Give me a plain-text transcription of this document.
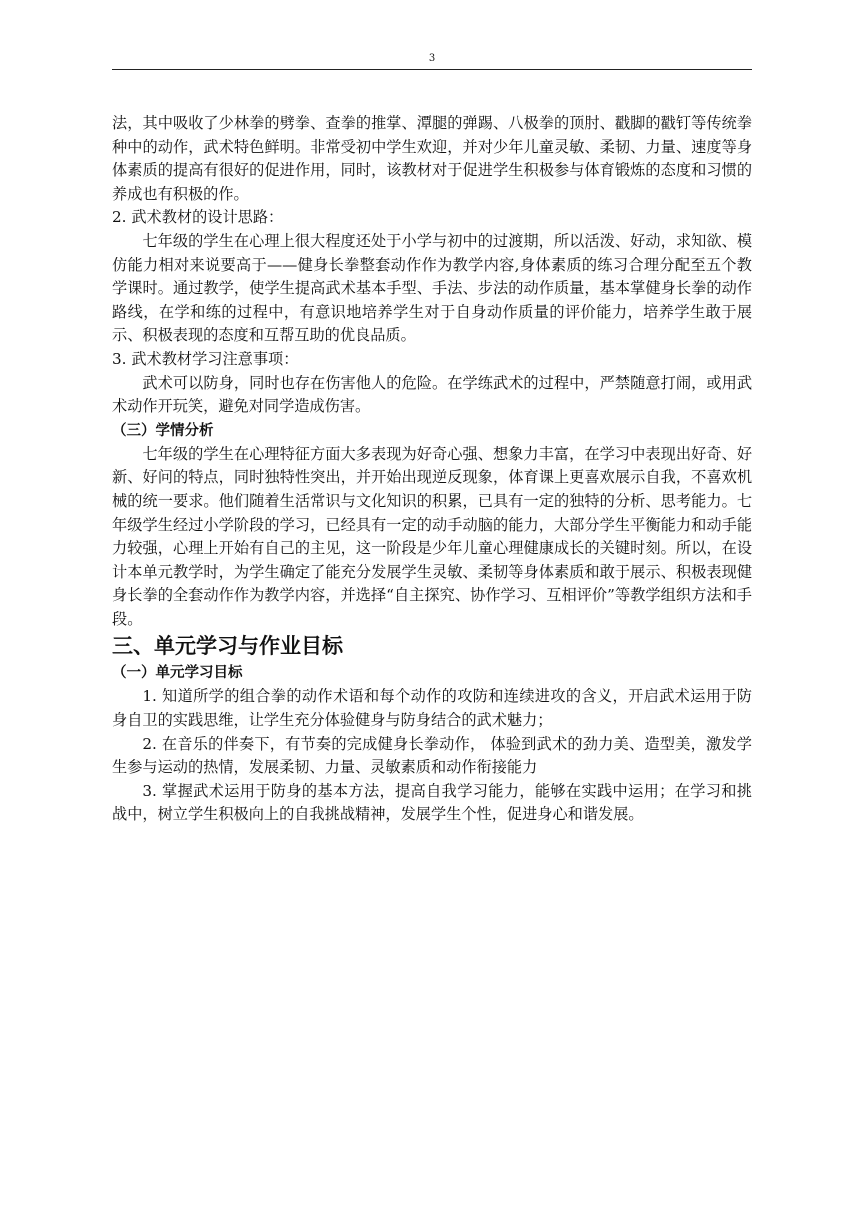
3

法，其中吸收了少林拳的劈拳、查拳的推掌、潭腿的弹踢、八极拳的顶肘、戳脚的戳钉等传统拳种中的动作，武术特色鲜明。非常受初中学生欢迎，并对少年儿童灵敏、柔韧、力量、速度等身体素质的提高有很好的促进作用，同时，该教材对于促进学生积极参与体育锻炼的态度和习惯的养成也有积极的作。

2. 武术教材的设计思路：

七年级的学生在心理上很大程度还处于小学与初中的过渡期，所以活泼、好动，求知欲、模仿能力相对来说要高于——健身长拳整套动作作为教学内容,身体素质的练习合理分配至五个教学课时。通过教学，使学生提高武术基本手型、手法、步法的动作质量，基本掌健身长拳的动作路线，在学和练的过程中，有意识地培养学生对于自身动作质量的评价能力，培养学生敢于展示、积极表现的态度和互帮互助的优良品质。

3. 武术教材学习注意事项：

武术可以防身，同时也存在伤害他人的危险。在学练武术的过程中，严禁随意打闹，或用武术动作开玩笑，避免对同学造成伤害。

（三）学情分析

七年级的学生在心理特征方面大多表现为好奇心强、想象力丰富，在学习中表现出好奇、好新、好问的特点，同时独特性突出，并开始出现逆反现象，体育课上更喜欢展示自我，不喜欢机械的统一要求。他们随着生活常识与文化知识的积累，已具有一定的独特的分析、思考能力。七年级学生经过小学阶段的学习，已经具有一定的动手动脑的能力，大部分学生平衡能力和动手能力较强，心理上开始有自己的主见，这一阶段是少年儿童心理健康成长的关键时刻。所以，在设计本单元教学时，为学生确定了能充分发展学生灵敏、柔韧等身体素质和敢于展示、积极表现健身长拳的全套动作作为教学内容，并选择“自主探究、协作学习、互相评价”等教学组织方法和手段。

三、单元学习与作业目标

（一）单元学习目标

1. 知道所学的组合拳的动作术语和每个动作的攻防和连续进攻的含义，开启武术运用于防身自卫的实践思维，让学生充分体验健身与防身结合的武术魅力；

2. 在音乐的伴奏下，有节奏的完成健身长拳动作， 体验到武术的劲力美、造型美，激发学生参与运动的热情，发展柔韧、力量、灵敏素质和动作衔接能力

3. 掌握武术运用于防身的基本方法，提高自我学习能力，能够在实践中运用；在学习和挑战中，树立学生积极向上的自我挑战精神，发展学生个性，促进身心和谐发展。
